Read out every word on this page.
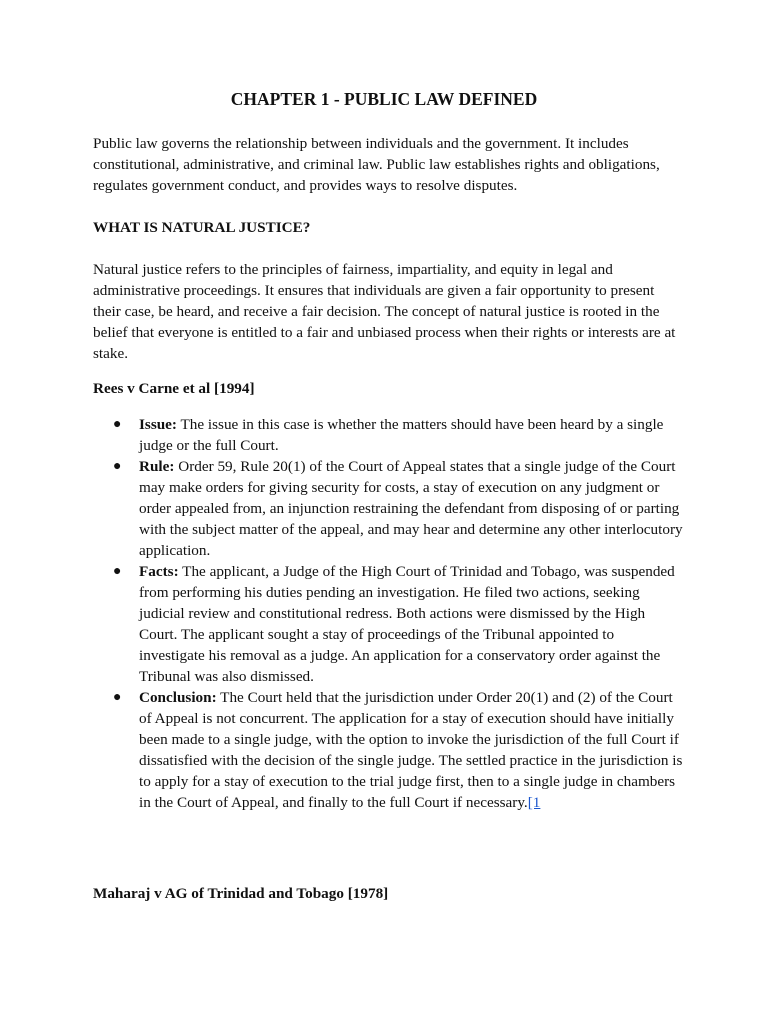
CHAPTER 1 - PUBLIC LAW DEFINED

Public law governs the relationship between individuals and the government. It includes constitutional, administrative, and criminal law. Public law establishes rights and obligations, regulates government conduct, and provides ways to resolve disputes.

WHAT IS NATURAL JUSTICE?

Natural justice refers to the principles of fairness, impartiality, and equity in legal and administrative proceedings. It ensures that individuals are given a fair opportunity to present their case, be heard, and receive a fair decision. The concept of natural justice is rooted in the belief that everyone is entitled to a fair and unbiased process when their rights or interests are at stake.

Rees v Carne et al [1994]

● Issue: The issue in this case is whether the matters should have been heard by a single judge or the full Court.
● Rule: Order 59, Rule 20(1) of the Court of Appeal states that a single judge of the Court may make orders for giving security for costs, a stay of execution on any judgment or order appealed from, an injunction restraining the defendant from disposing of or parting with the subject matter of the appeal, and may hear and determine any other interlocutory application.
● Facts: The applicant, a Judge of the High Court of Trinidad and Tobago, was suspended from performing his duties pending an investigation. He filed two actions, seeking judicial review and constitutional redress. Both actions were dismissed by the High Court. The applicant sought a stay of proceedings of the Tribunal appointed to investigate his removal as a judge. An application for a conservatory order against the Tribunal was also dismissed.
● Conclusion: The Court held that the jurisdiction under Order 20(1) and (2) of the Court of Appeal is not concurrent. The application for a stay of execution should have initially been made to a single judge, with the option to invoke the jurisdiction of the full Court if dissatisfied with the decision of the single judge. The settled practice in the jurisdiction is to apply for a stay of execution to the trial judge first, then to a single judge in chambers in the Court of Appeal, and finally to the full Court if necessary.[1

Maharaj v AG of Trinidad and Tobago [1978]
